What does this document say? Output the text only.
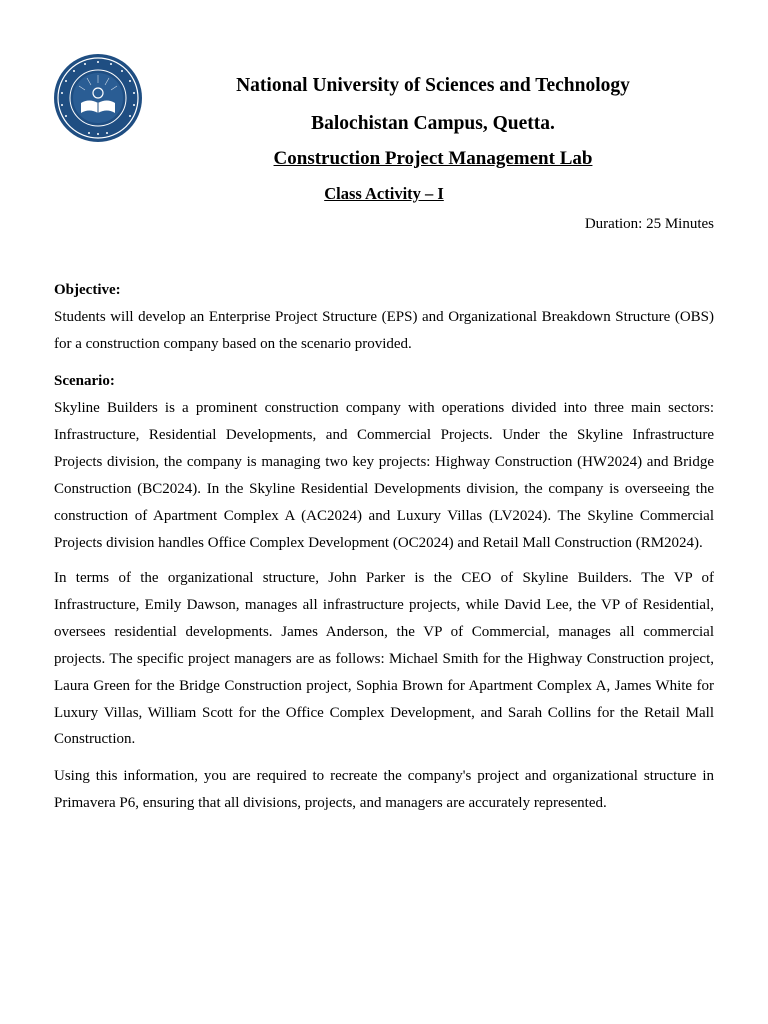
National University of Sciences and Technology
Balochistan Campus, Quetta.
Construction Project Management Lab
Class Activity – I
Duration: 25 Minutes

Objective:

Students will develop an Enterprise Project Structure (EPS) and Organizational Breakdown Structure (OBS) for a construction company based on the scenario provided.

Scenario:

Skyline Builders is a prominent construction company with operations divided into three main sectors: Infrastructure, Residential Developments, and Commercial Projects. Under the Skyline Infrastructure Projects division, the company is managing two key projects: Highway Construction (HW2024) and Bridge Construction (BC2024). In the Skyline Residential Developments division, the company is overseeing the construction of Apartment Complex A (AC2024) and Luxury Villas (LV2024). The Skyline Commercial Projects division handles Office Complex Development (OC2024) and Retail Mall Construction (RM2024).

In terms of the organizational structure, John Parker is the CEO of Skyline Builders. The VP of Infrastructure, Emily Dawson, manages all infrastructure projects, while David Lee, the VP of Residential, oversees residential developments. James Anderson, the VP of Commercial, manages all commercial projects. The specific project managers are as follows: Michael Smith for the Highway Construction project, Laura Green for the Bridge Construction project, Sophia Brown for Apartment Complex A, James White for Luxury Villas, William Scott for the Office Complex Development, and Sarah Collins for the Retail Mall Construction.

Using this information, you are required to recreate the company's project and organizational structure in Primavera P6, ensuring that all divisions, projects, and managers are accurately represented.
